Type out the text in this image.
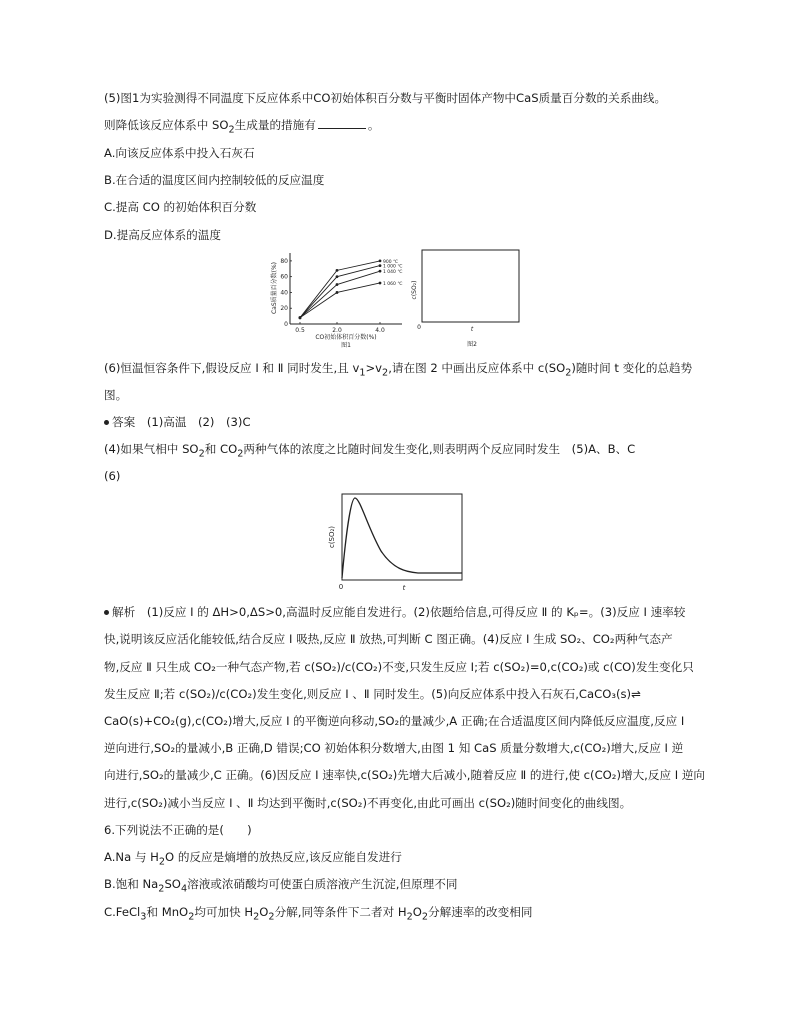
(5)图1为实验测得不同温度下反应体系中CO初始体积百分数与平衡时固体产物中CaS质量百分数的关系曲线。
则降低该反应体系中 $SO_2$生成量的措施有	。
A.向该反应体系中投入石灰石
B.在合适的温度区间内控制较低的反应温度
C.提高 CO 的初始体积百分数
D.提高反应体系的温度
0
20
40
60
80
0.5	2.0	4.0
900 ℃
1 000 ℃
1 040 ℃
1 060 ℃
CaS质量百分数(%)
CO初始体积百分数(%)
图1
c(SO₂)
0	t
图2
(6)恒温恒容条件下,假设反应 Ⅰ 和 Ⅱ 同时发生,且 $v_1>v_2$,请在图 2 中画出反应体系中 $c(SO_2)$随时间 t 变化的总趋势
图。
答案　 (1)高温　(2)　(3)C
(4)如果气相中 $SO_2$和 $CO_2$两种气体的浓度之比随时间发生变化,则表明两个反应同时发生　(5)A、B、C
(6)
c(SO₂)
0	t
解析　 (1)反应 Ⅰ 的 ΔH>0,ΔS>0,高温时反应能自发进行。(2)依题给信息,可得反应 Ⅱ 的 Kₚ=。(3)反应 Ⅰ 速率较
快,说明该反应活化能较低,结合反应 Ⅰ 吸热,反应 Ⅱ 放热,可判断 C 图正确。(4)反应 Ⅰ 生成 SO₂、CO₂两种气态产
物,反应 Ⅱ 只生成 CO₂一种气态产物,若 c(SO₂)/c(CO₂)不变,只发生反应 Ⅰ;若 c(SO₂)=0,c(CO₂)或 c(CO)发生变化只
发生反应 Ⅱ;若 c(SO₂)/c(CO₂)发生变化,则反应 Ⅰ 、Ⅱ 同时发生。(5)向反应体系中投入石灰石,CaCO₃(s)⇌
CaO(s)+CO₂(g),c(CO₂)增大,反应 Ⅰ 的平衡逆向移动,SO₂的量减少,A 正确;在合适温度区间内降低反应温度,反应 Ⅰ
逆向进行,SO₂的量减小,B 正确,D 错误;CO 初始体积分数增大,由图 1 知 CaS 质量分数增大,c(CO₂)增大,反应 Ⅰ 逆
向进行,SO₂的量减少,C 正确。(6)因反应 Ⅰ 速率快,c(SO₂)先增大后减小,随着反应 Ⅱ 的进行,使 c(CO₂)增大,反应 Ⅰ 逆向
进行,c(SO₂)减小当反应 Ⅰ 、Ⅱ 均达到平衡时,c(SO₂)不再变化,由此可画出 c(SO₂)随时间变化的曲线图。
6.下列说法不正确的是(　　)
A.Na 与 $H_2O$ 的反应是熵增的放热反应,该反应能自发进行
B.饱和 $Na_2SO_4$溶液或浓硝酸均可使蛋白质溶液产生沉淀,但原理不同
C.FeCl$_3$和 MnO$_2$均可加快 $H_2O_2$分解,同等条件下二者对 $H_2O_2$分解速率的改变相同
